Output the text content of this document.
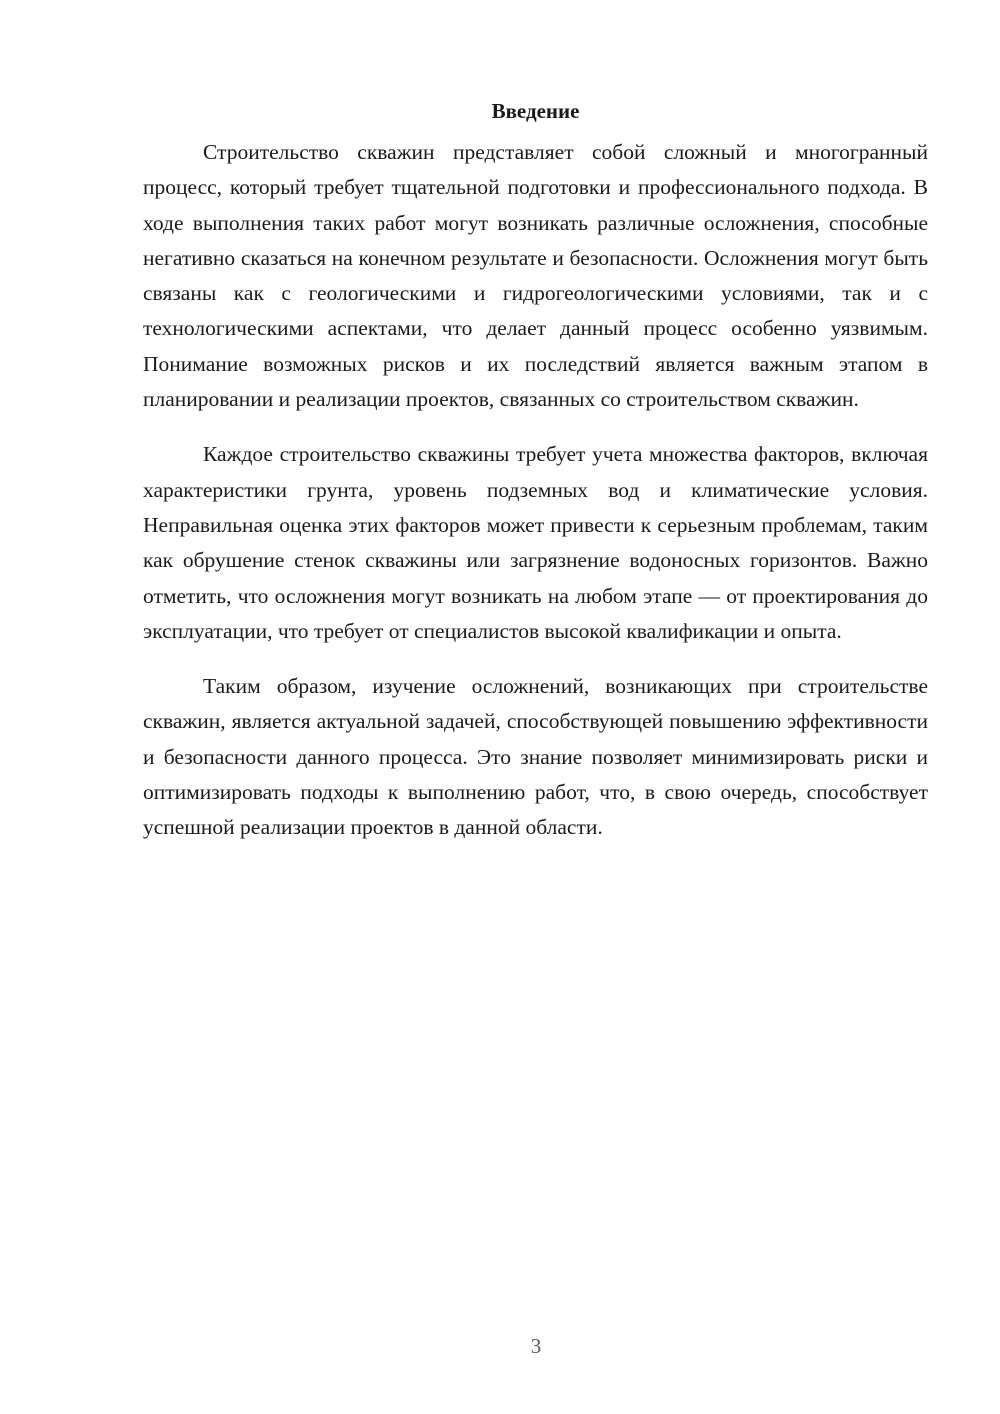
Введение

Строительство скважин представляет собой сложный и многогранный процесс, который требует тщательной подготовки и профессионального подхода. В ходе выполнения таких работ могут возникать различные осложнения, способные негативно сказаться на конечном результате и безопасности. Осложнения могут быть связаны как с геологическими и гидрогеологическими условиями, так и с технологическими аспектами, что делает данный процесс особенно уязвимым. Понимание возможных рисков и их последствий является важным этапом в планировании и реализации проектов, связанных со строительством скважин.

Каждое строительство скважины требует учета множества факторов, включая характеристики грунта, уровень подземных вод и климатические условия. Неправильная оценка этих факторов может привести к серьезным проблемам, таким как обрушение стенок скважины или загрязнение водоносных горизонтов. Важно отметить, что осложнения могут возникать на любом этапе — от проектирования до эксплуатации, что требует от специалистов высокой квалификации и опыта.

Таким образом, изучение осложнений, возникающих при строительстве скважин, является актуальной задачей, способствующей повышению эффективности и безопасности данного процесса. Это знание позволяет минимизировать риски и оптимизировать подходы к выполнению работ, что, в свою очередь, способствует успешной реализации проектов в данной области.

3
